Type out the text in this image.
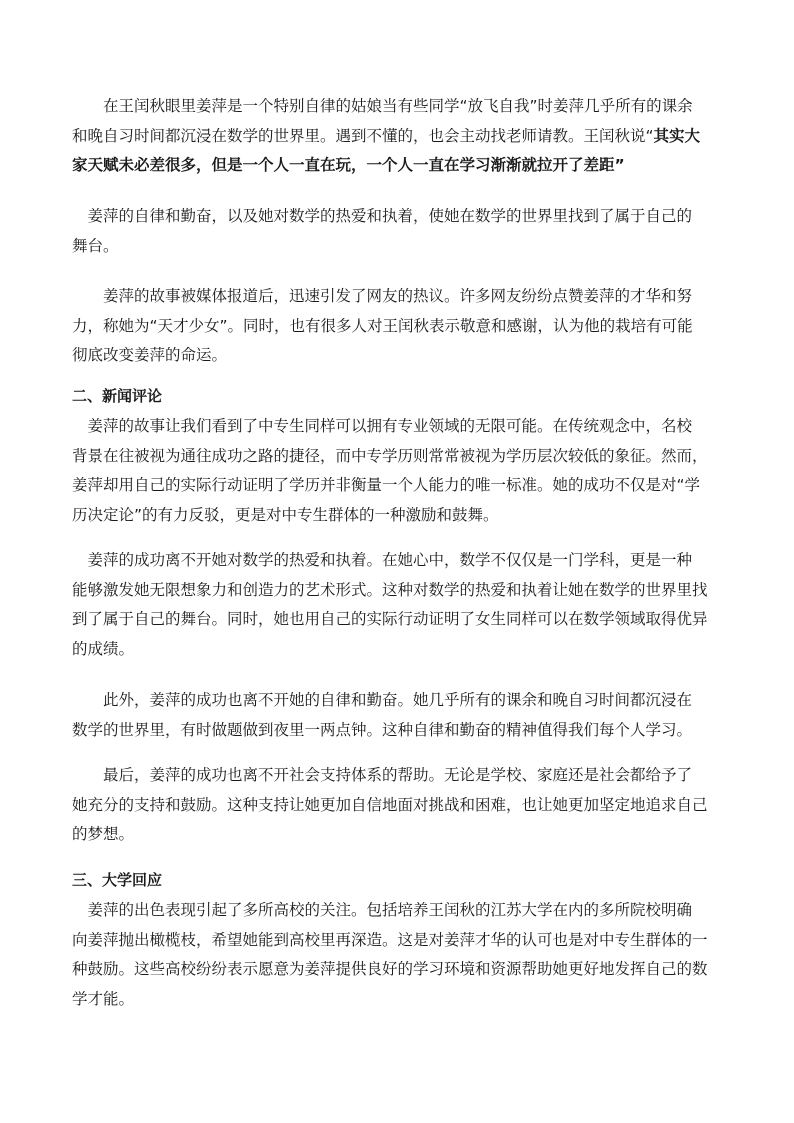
　　在王闰秋眼里姜萍是一个特别自律的姑娘当有些同学“放飞自我”时姜萍几乎所有的课余
和晚自习时间都沉浸在数学的世界里。遇到不懂的，也会主动找老师请教。王闰秋说“其实大
家天赋未必差很多，但是一个人一直在玩，一个人一直在学习渐渐就拉开了差距”
　姜萍的自律和勤奋，以及她对数学的热爱和执着，使她在数学的世界里找到了属于自己的
舞台。
　　姜萍的故事被媒体报道后，迅速引发了网友的热议。许多网友纷纷点赞姜萍的才华和努
力，称她为“天才少女”。同时，也有很多人对王闰秋表示敬意和感谢，认为他的栽培有可能
彻底改变姜萍的命运。
二、新闻评论
　姜萍的故事让我们看到了中专生同样可以拥有专业领域的无限可能。在传统观念中，名校
背景在往被视为通往成功之路的捷径，而中专学历则常常被视为学历层次较低的象征。然而，
姜萍却用自己的实际行动证明了学历并非衡量一个人能力的唯一标准。她的成功不仅是对“学
历决定论”的有力反驳，更是对中专生群体的一种激励和鼓舞。
　姜萍的成功离不开她对数学的热爱和执着。在她心中，数学不仅仅是一门学科，更是一种
能够激发她无限想象力和创造力的艺术形式。这种对数学的热爱和执着让她在数学的世界里找
到了属于自己的舞台。同时，她也用自己的实际行动证明了女生同样可以在数学领域取得优异
的成绩。
　　此外，姜萍的成功也离不开她的自律和勤奋。她几乎所有的课余和晚自习时间都沉浸在
数学的世界里，有时做题做到夜里一两点钟。这种自律和勤奋的精神值得我们每个人学习。
　　最后，姜萍的成功也离不开社会支持体系的帮助。无论是学校、家庭还是社会都给予了
她充分的支持和鼓励。这种支持让她更加自信地面对挑战和困难，也让她更加坚定地追求自己
的梦想。
三、大学回应
　姜萍的出色表现引起了多所高校的关注。包括培养王闰秋的江苏大学在内的多所院校明确
向姜萍抛出橄榄枝，希望她能到高校里再深造。这是对姜萍才华的认可也是对中专生群体的一
种鼓励。这些高校纷纷表示愿意为姜萍提供良好的学习环境和资源帮助她更好地发挥自己的数
学才能。
